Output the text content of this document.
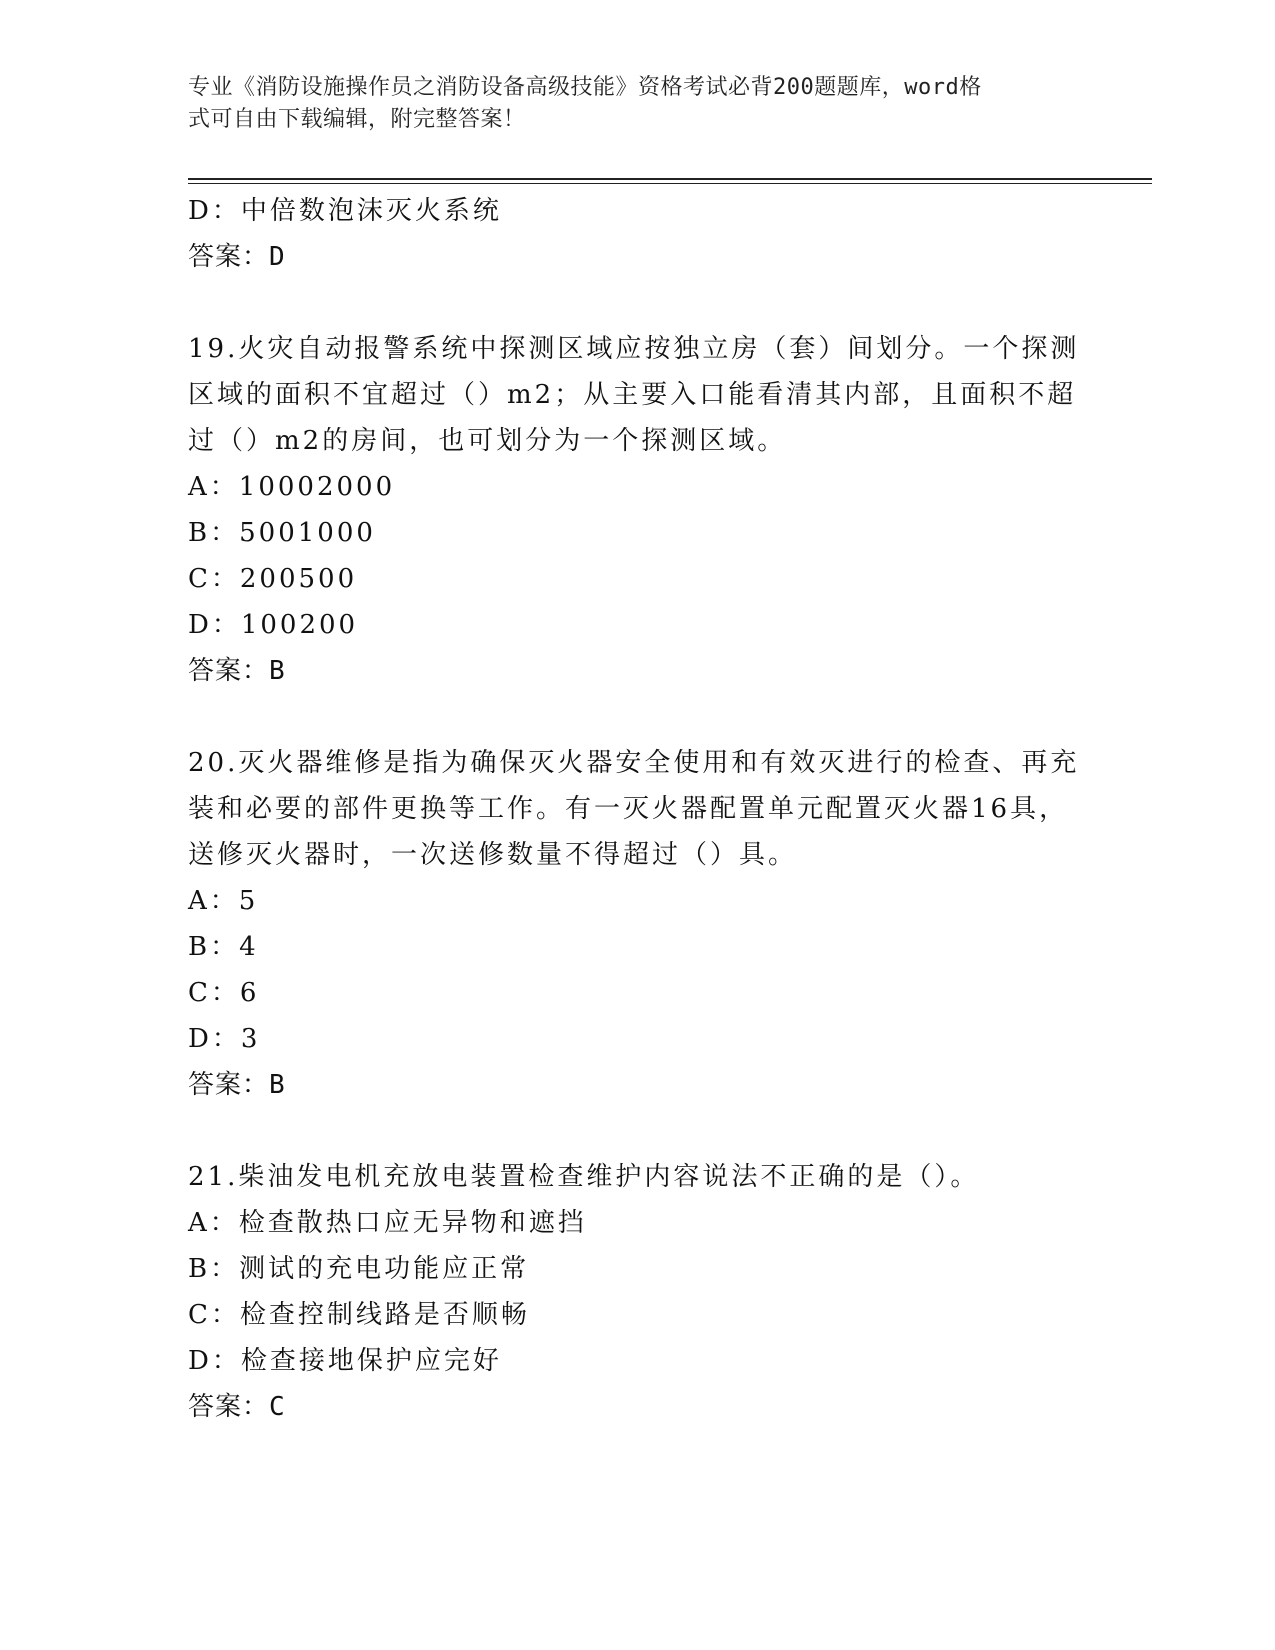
专业《消防设施操作员之消防设备高级技能》资格考试必背200题题库，word格
式可自由下载编辑，附完整答案！

D：中倍数泡沫灭火系统

答案：D

19.火灾自动报警系统中探测区域应按独立房（套）间划分。一个探测

区域的面积不宜超过（）m2；从主要入口能看清其内部，且面积不超

过（）m2的房间，也可划分为一个探测区域。

A：10002000

B：5001000

C：200500

D：100200

答案：B

20.灭火器维修是指为确保灭火器安全使用和有效灭进行的检查、再充

装和必要的部件更换等工作。有一灭火器配置单元配置灭火器16具，

送修灭火器时，一次送修数量不得超过（）具。

A：5

B：4

C：6

D：3

答案：B

21.柴油发电机充放电装置检查维护内容说法不正确的是（）。

A：检查散热口应无异物和遮挡

B：测试的充电功能应正常

C：检查控制线路是否顺畅

D：检查接地保护应完好

答案：C
